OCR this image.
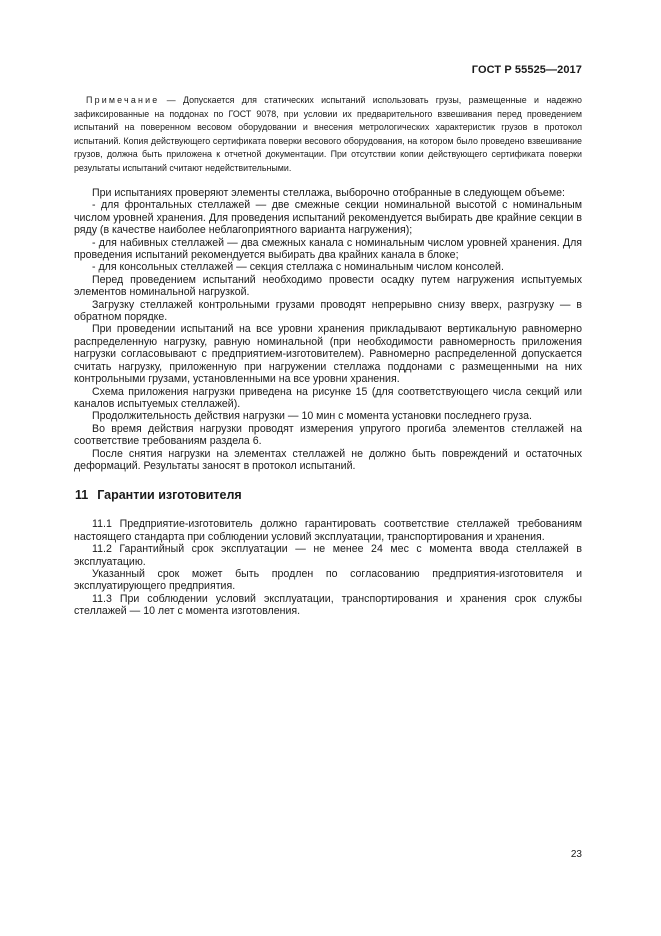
ГОСТ Р 55525—2017

Примечание — Допускается для статических испытаний использовать грузы, размещенные и надежно зафиксированные на поддонах по ГОСТ 9078, при условии их предварительного взвешивания перед проведением испытаний на поверенном весовом оборудовании и внесения метрологических характеристик грузов в протокол испытаний. Копия действующего сертификата поверки весового оборудования, на котором было проведено взвешивание грузов, должна быть приложена к отчетной документации. При отсутствии копии действующего сертификата поверки результаты испытаний считают недействительными.

При испытаниях проверяют элементы стеллажа, выборочно отобранные в следующем объеме:

- для фронтальных стеллажей — две смежные секции номинальной высотой с номинальным числом уровней хранения. Для проведения испытаний рекомендуется выбирать две крайние секции в ряду (в качестве наиболее неблагоприятного варианта нагружения);

- для набивных стеллажей — два смежных канала с номинальным числом уровней хранения. Для проведения испытаний рекомендуется выбирать два крайних канала в блоке;

- для консольных стеллажей — секция стеллажа с номинальным числом консолей.

Перед проведением испытаний необходимо провести осадку путем нагружения испытуемых элементов номинальной нагрузкой.

Загрузку стеллажей контрольными грузами проводят непрерывно снизу вверх, разгрузку — в обратном порядке.

При проведении испытаний на все уровни хранения прикладывают вертикальную равномерно распределенную нагрузку, равную номинальной (при необходимости равномерность приложения нагрузки согласовывают с предприятием-изготовителем). Равномерно распределенной допускается считать нагрузку, приложенную при нагружении стеллажа поддонами с размещенными на них контрольными грузами, установленными на все уровни хранения.

Схема приложения нагрузки приведена на рисунке 15 (для соответствующего числа секций или каналов испытуемых стеллажей).

Продолжительность действия нагрузки — 10 мин с момента установки последнего груза.

Во время действия нагрузки проводят измерения упругого прогиба элементов стеллажей на соответствие требованиям раздела 6.

После снятия нагрузки на элементах стеллажей не должно быть повреждений и остаточных деформаций. Результаты заносят в протокол испытаний.

11 Гарантии изготовителя

11.1 Предприятие-изготовитель должно гарантировать соответствие стеллажей требованиям настоящего стандарта при соблюдении условий эксплуатации, транспортирования и хранения.

11.2 Гарантийный срок эксплуатации — не менее 24 мес с момента ввода стеллажей в эксплуатацию.

Указанный срок может быть продлен по согласованию предприятия-изготовителя и эксплуатирующего предприятия.

11.3 При соблюдении условий эксплуатации, транспортирования и хранения срок службы стеллажей — 10 лет с момента изготовления.

23
